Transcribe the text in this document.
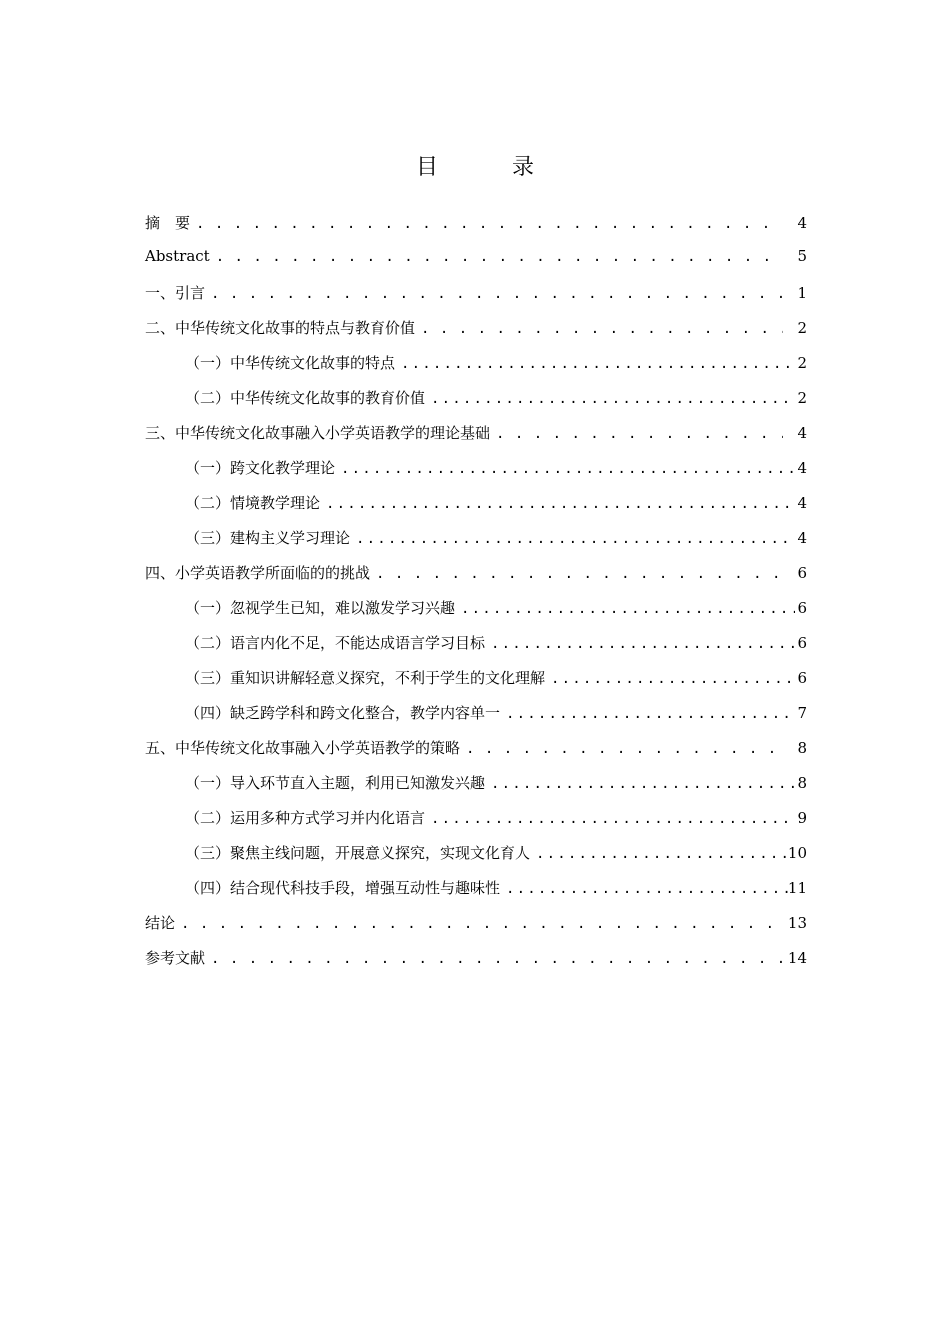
目　录
摘　要 . . .	4
Abstract . . .	5
一、引言 . . .	1
二、中华传统文化故事的特点与教育价值 . . .	2
（一）中华传统文化故事的特点 .....	2
（二）中华传统文化故事的教育价值 .....	2
三、中华传统文化故事融入小学英语教学的理论基础 . . .	4
（一）跨文化教学理论 .....	4
（二）情境教学理论 .....	4
（三）建构主义学习理论 .....	4
四、小学英语教学所面临的的挑战 . . .	6
（一）忽视学生已知，难以激发学习兴趣 .....	6
（二）语言内化不足，不能达成语言学习目标 .....	6
（三）重知识讲解轻意义探究，不利于学生的文化理解 .....	6
（四）缺乏跨学科和跨文化整合，教学内容单一 .....	7
五、中华传统文化故事融入小学英语教学的策略 . . .	8
（一）导入环节直入主题，利用已知激发兴趣 .....	8
（二）运用多种方式学习并内化语言 .....	9
（三）聚焦主线问题，开展意义探究，实现文化育人 .....	10
（四）结合现代科技手段，增强互动性与趣味性 .....	11
结论 . . .	13
参考文献 . . .	14
